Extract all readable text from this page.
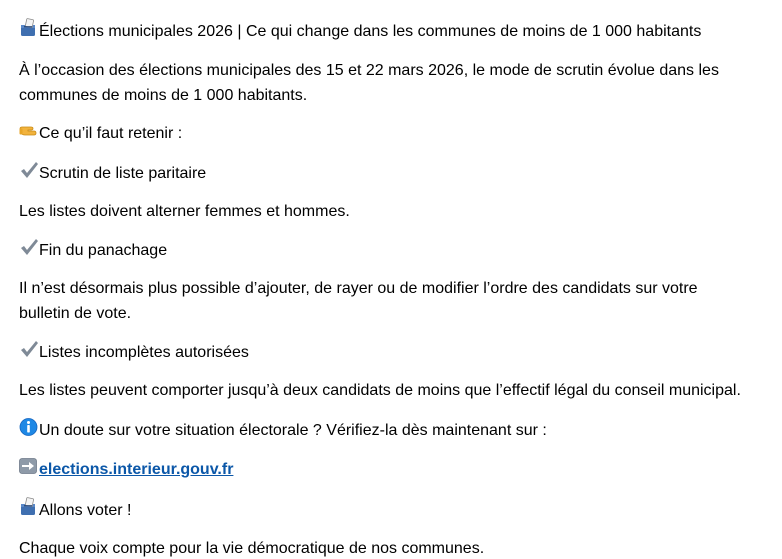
Élections municipales 2026 | Ce qui change dans les communes de moins de 1 000 habitants
À l’occasion des élections municipales des 15 et 22 mars 2026, le mode de scrutin évolue dans les
communes de moins de 1 000 habitants.
Ce qu’il faut retenir :
Scrutin de liste paritaire
Les listes doivent alterner femmes et hommes.
Fin du panachage
Il n’est désormais plus possible d’ajouter, de rayer ou de modifier l’ordre des candidats sur votre
bulletin de vote.
Listes incomplètes autorisées
Les listes peuvent comporter jusqu’à deux candidats de moins que l’effectif légal du conseil municipal.
Un doute sur votre situation électorale ? Vérifiez-la dès maintenant sur :
elections.interieur.gouv.fr
Allons voter !
Chaque voix compte pour la vie démocratique de nos communes.
